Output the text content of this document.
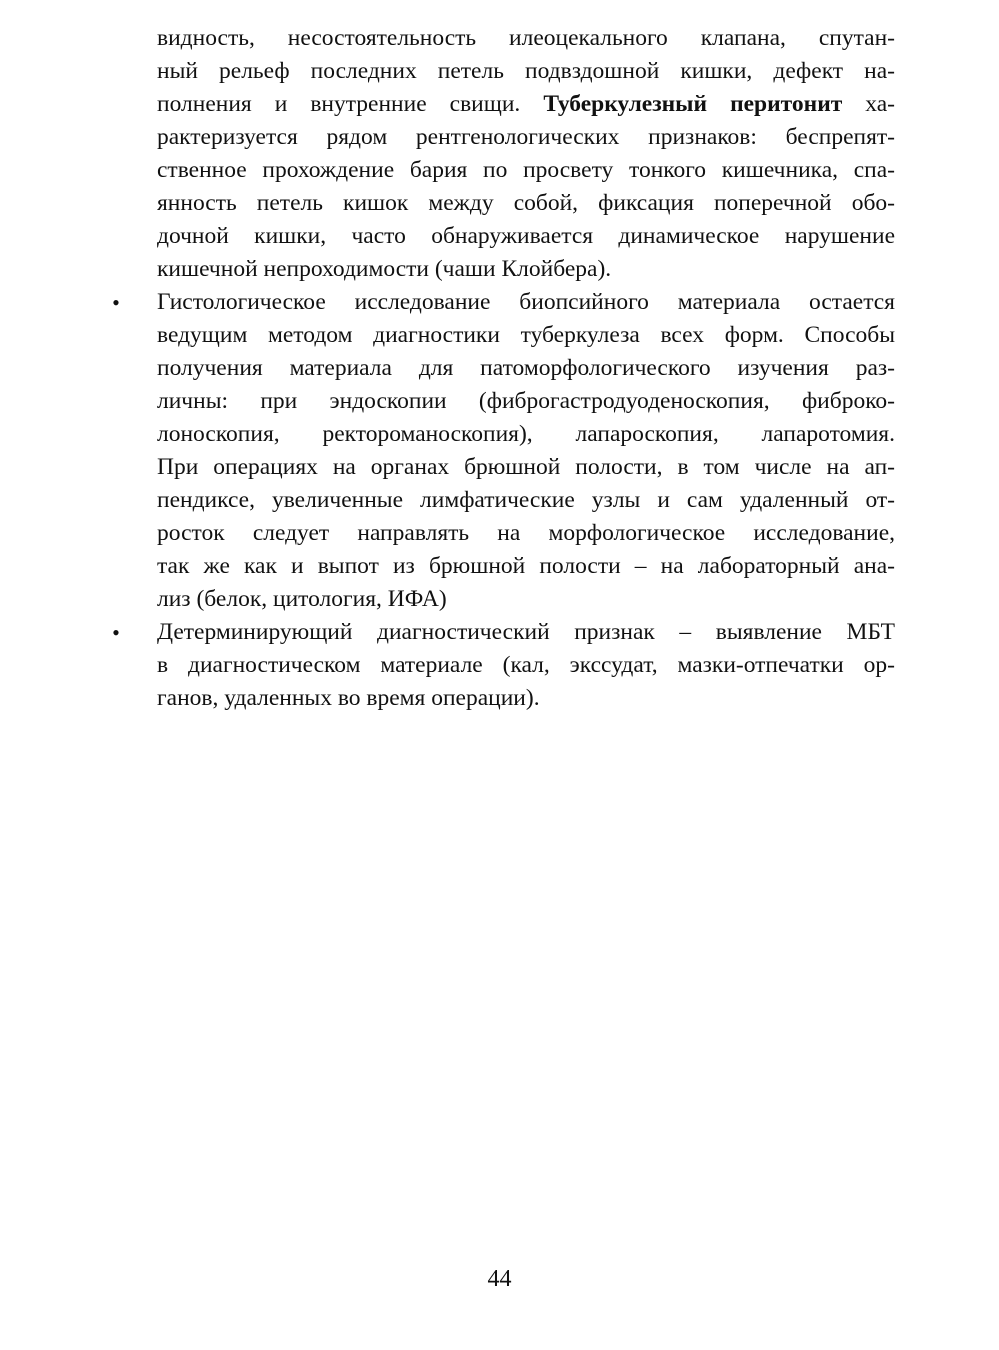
видность, несостоятельность илеоцекального клапана, спутан-
ный рельеф последних петель подвздошной кишки, дефект на-
полнения и внутренние свищи. Туберкулезный перитонит ха-
рактеризуется рядом рентгенологических признаков: беспрепят-
ственное прохождение бария по просвету тонкого кишечника, спа-
янность петель кишок между собой, фиксация поперечной обо-
дочной кишки, часто обнаруживается динамическое нарушение
кишечной непроходимости (чаши Клойбера).
• Гистологическое исследование биопсийного материала остается
ведущим методом диагностики туберкулеза всех форм. Способы
получения материала для патоморфологического изучения раз-
личны: при эндоскопии (фиброгастродуоденоскопия, фиброко-
лоноскопия, ректороманоскопия), лапароскопия, лапаротомия.
При операциях на органах брюшной полости, в том числе на ап-
пендиксе, увеличенные лимфатические узлы и сам удаленный от-
росток следует направлять на морфологическое исследование,
так же как и выпот из брюшной полости – на лабораторный ана-
лиз (белок, цитология, ИФА)
• Детерминирующий диагностический признак – выявление МБТ
в диагностическом материале (кал, экссудат, мазки-отпечатки ор-
ганов, удаленных во время операции).
44
